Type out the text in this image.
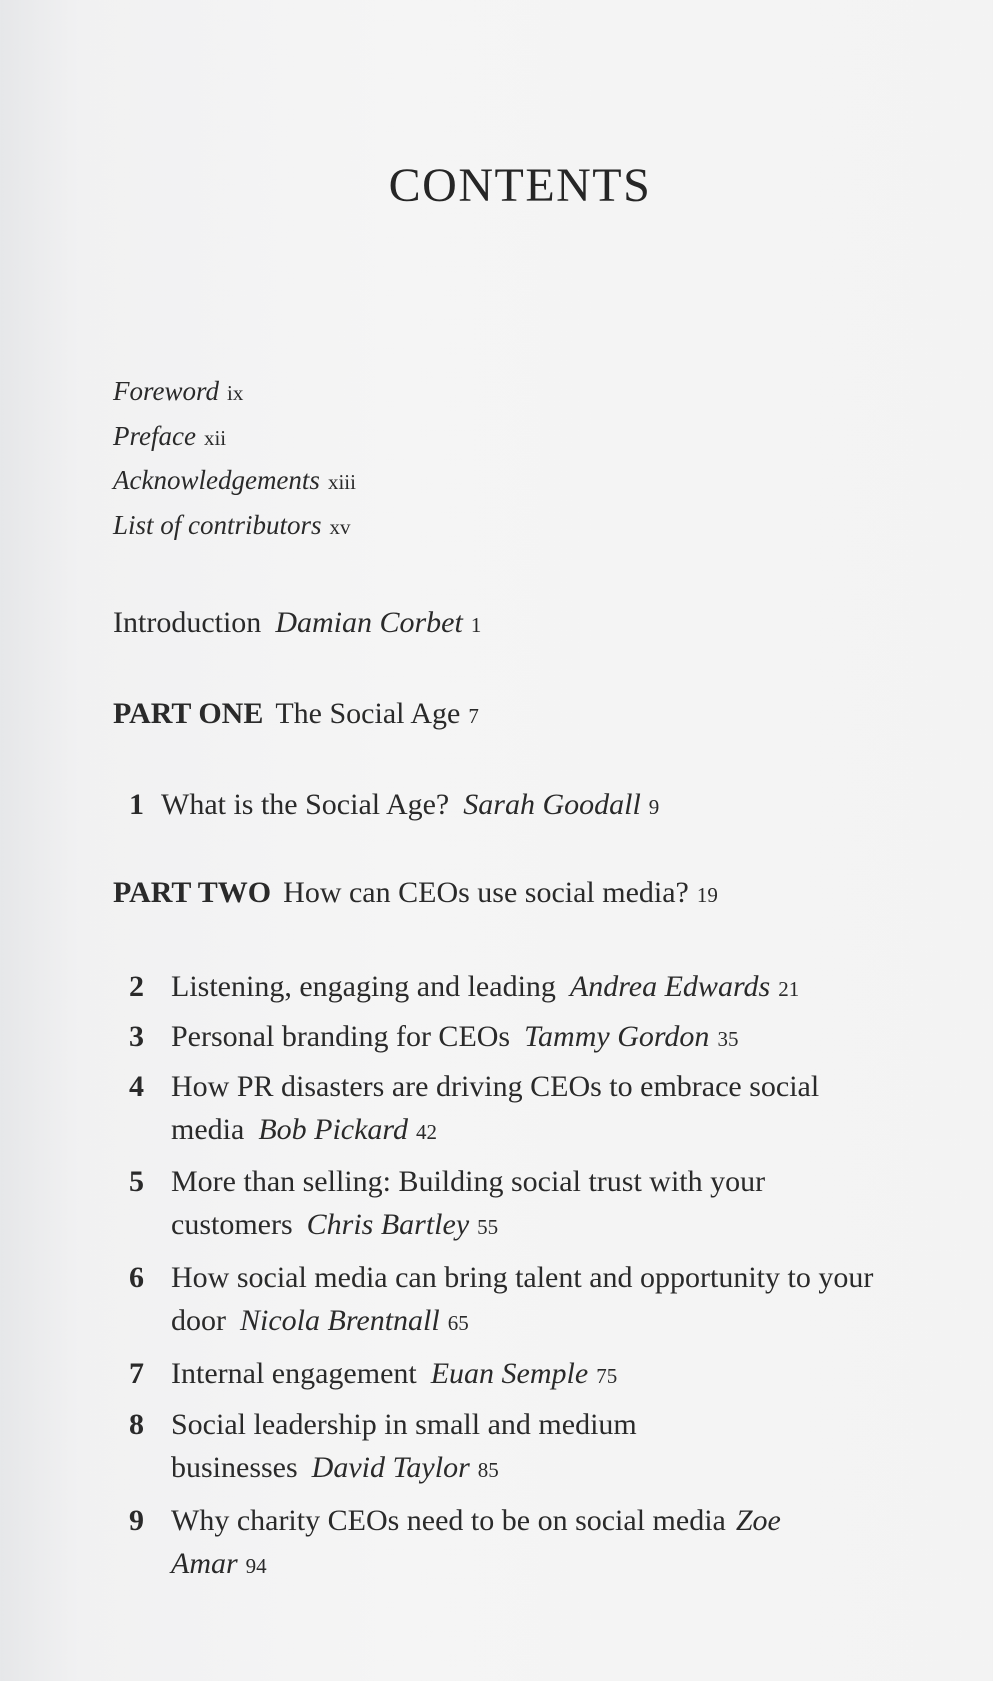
CONTENTS
Foreword ix
Preface xii
Acknowledgements xiii
List of contributors xv
Introduction Damian Corbet 1
PART ONE The Social Age 7
1 What is the Social Age? Sarah Goodall 9
PART TWO How can CEOs use social media? 19
2 Listening, engaging and leading Andrea Edwards 21
3 Personal branding for CEOs Tammy Gordon 35
4 How PR disasters are driving CEOs to embrace social media Bob Pickard 42
5 More than selling: Building social trust with your customers Chris Bartley 55
6 How social media can bring talent and opportunity to your door Nicola Brentnall 65
7 Internal engagement Euan Semple 75
8 Social leadership in small and medium businesses David Taylor 85
9 Why charity CEOs need to be on social media Zoe Amar 94
